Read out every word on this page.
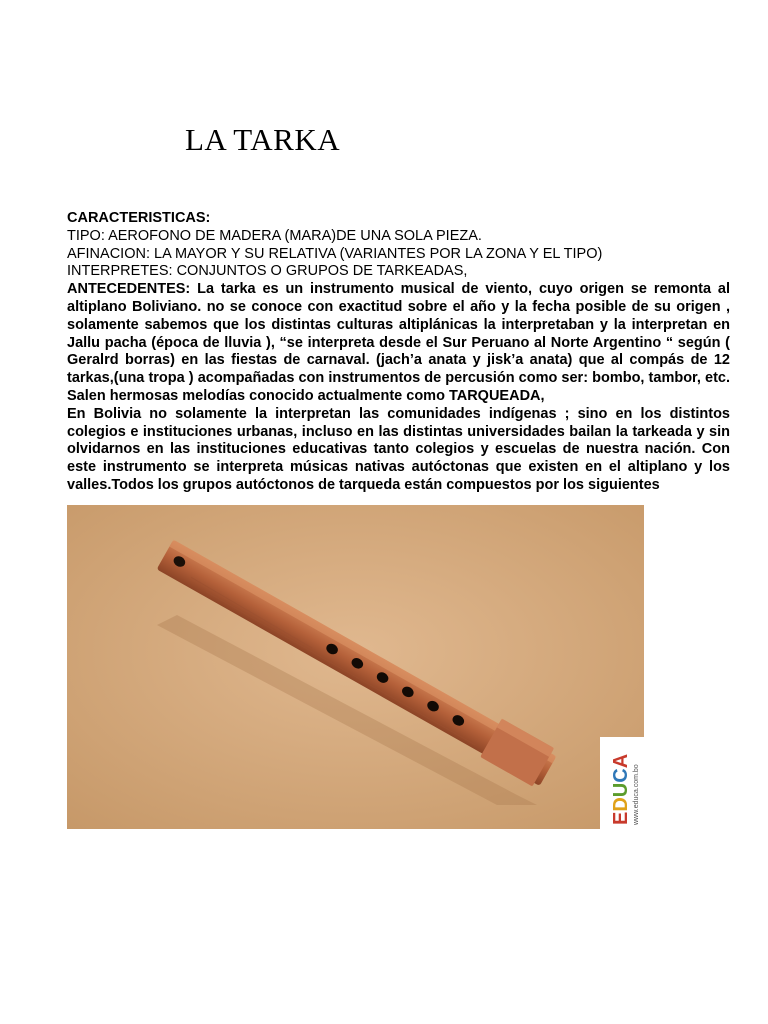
LA TARKA

CARACTERISTICAS:

TIPO: AEROFONO DE MADERA (MARA)DE UNA SOLA PIEZA.

AFINACION: LA MAYOR Y SU RELATIVA (VARIANTES POR LA ZONA Y EL TIPO)

INTERPRETES: CONJUNTOS O GRUPOS DE TARKEADAS,

ANTECEDENTES: La tarka es un instrumento musical de viento, cuyo origen se remonta al altiplano Boliviano. no se conoce con exactitud sobre el año y la fecha posible de su origen , solamente sabemos que los distintas culturas altiplánicas la interpretaban y la interpretan en Jallu pacha (época de lluvia ), “se interpreta desde el Sur Peruano al Norte Argentino “ según ( Geralrd borras) en las fiestas de carnaval. (jach’a anata y jisk’a anata) que al compás de 12 tarkas,(una tropa ) acompañadas con instrumentos de percusión como ser: bombo, tambor, etc. Salen hermosas melodías conocido actualmente como TARQUEADA,

En Bolivia no solamente la interpretan las comunidades indígenas ; sino en los distintos colegios e instituciones urbanas, incluso en las distintas universidades bailan la tarkeada y sin olvidarnos en las instituciones educativas tanto colegios y escuelas de nuestra nación. Con este instrumento se interpreta músicas nativas autóctonas que existen en el altiplano y los valles.Todos los grupos autóctonos de tarqueda están compuestos por los siguientes

EDUCA
www.educa.com.bo
